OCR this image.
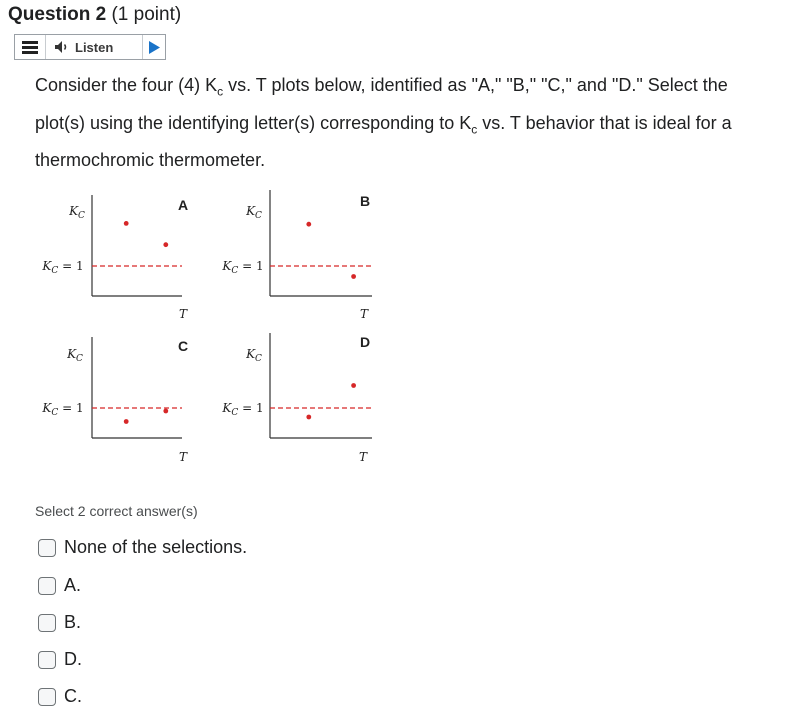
Question 2 (1 point)
Listen
Consider the four (4) $K_c$ vs. T plots below, identified as "A," "B," "C," and "D." Select the plot(s) using the identifying letter(s) corresponding to $K_c$ vs. T behavior that is ideal for a thermochromic thermometer.
$K_C$
$K_C = 1$
T
A	$K_C$
$K_C = 1$
T
B
$K_C$
$K_C = 1$
T
C	$K_C$
$K_C = 1$
T
D
Select 2 correct answer(s)
None of the selections.
A.
B.
D.
C.
